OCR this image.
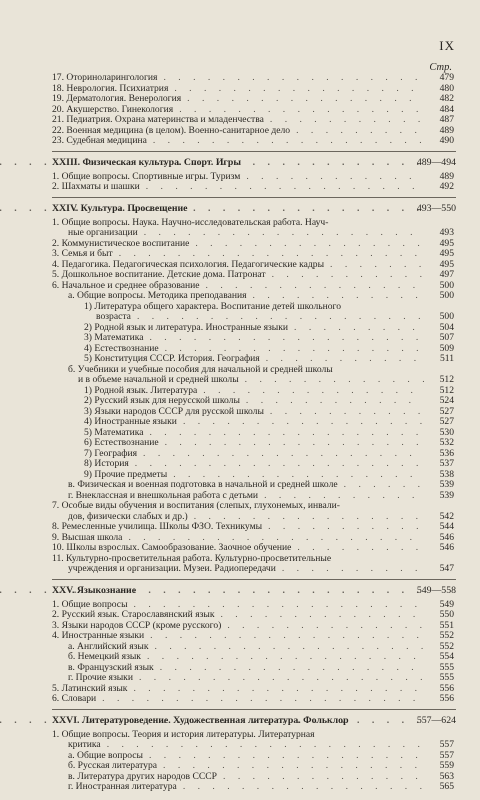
IX
Стр.
17. Оториноларингология . . .	479
18. Неврология. Психиатрия . . .	480
19. Дерматология. Венерология . . .	482
20. Акушерство. Гинекология . . .	484
21. Педиатрия. Охрана материнства и младенчества . . .	487
22. Военная медицина (в целом). Военно-санитарное дело . . .	489
23. Судебная медицина . . .	490
XXIII. Физическая культура. Спорт. Игры . . .	489—494
1. Общие вопросы. Спортивные игры. Туризм . . .	489
2. Шахматы и шашки . . .	492
XXIV. Культура. Просвещение . . .	493—550
1. Общие вопросы. Наука. Научно-исследовательская работа. Науч-
ные организации . . .	493
2. Коммунистическое воспитание . . .	495
3. Семья и быт . . .	495
4. Педагогика. Педагогическая психология. Педагогические кадры . . .	495
5. Дошкольное воспитание. Детские дома. Патронат . . .	497
6. Начальное и среднее образование . . .	500
а. Общие вопросы. Методика преподавания . . .	500
1) Литература общего характера. Воспитание детей школьного
возраста . . .	500
2) Родной язык и литература. Иностранные языки . . .	504
3) Математика . . .	507
4) Естествознание . . .	509
5) Конституция СССР. История. География . . .	511
б. Учебники и учебные пособия для начальной и средней школы
и в объеме начальной и средней школы . . .	512
1) Родной язык. Литература . . .	512
2) Русский язык для нерусской школы . . .	524
3) Языки народов СССР для русской школы . . .	527
4) Иностранные языки . . .	527
5) Математика . . .	530
6) Естествознание . . .	532
7) География . . .	536
8) История . . .	537
9) Прочие предметы . . .	538
в. Физическая и военная подготовка в начальной и средней школе . . .	539
г. Внеклассная и внешкольная работа с детьми . . .	539
7. Особые виды обучения и воспитания (слепых, глухонемых, инвали-
дов, физически слабых и др.) . . .	542
8. Ремесленные училища. Школы ФЗО. Техникумы . . .	544
9. Высшая школа . . .	546
10. Школы взрослых. Самообразование. Заочное обучение . . .	546
11. Культурно-просветительная работа. Культурно-просветительные
учреждения и организации. Музеи. Радиопередачи . . .	547
XXV. Языкознание . . .	549—558
1. Общие вопросы . . .	549
2. Русский язык. Старославянский язык . . .	550
3. Языки народов СССР (кроме русского) . . .	551
4. Иностранные языки . . .	552
а. Английский язык . . .	552
б. Немецкий язык . . .	554
в. Французский язык . . .	555
г. Прочие языки . . .	555
5. Латинский язык . . .	556
6. Словари . . .	556
XXVI. Литературоведение. Художественная литература. Фольклор . . .	557—624
1. Общие вопросы. Теория и история литературы. Литературная
критика . . .	557
а. Общие вопросы . . .	557
б. Русская литература . . .	559
в. Литература других народов СССР . . .	563
г. Иностранная литература . . .	565
